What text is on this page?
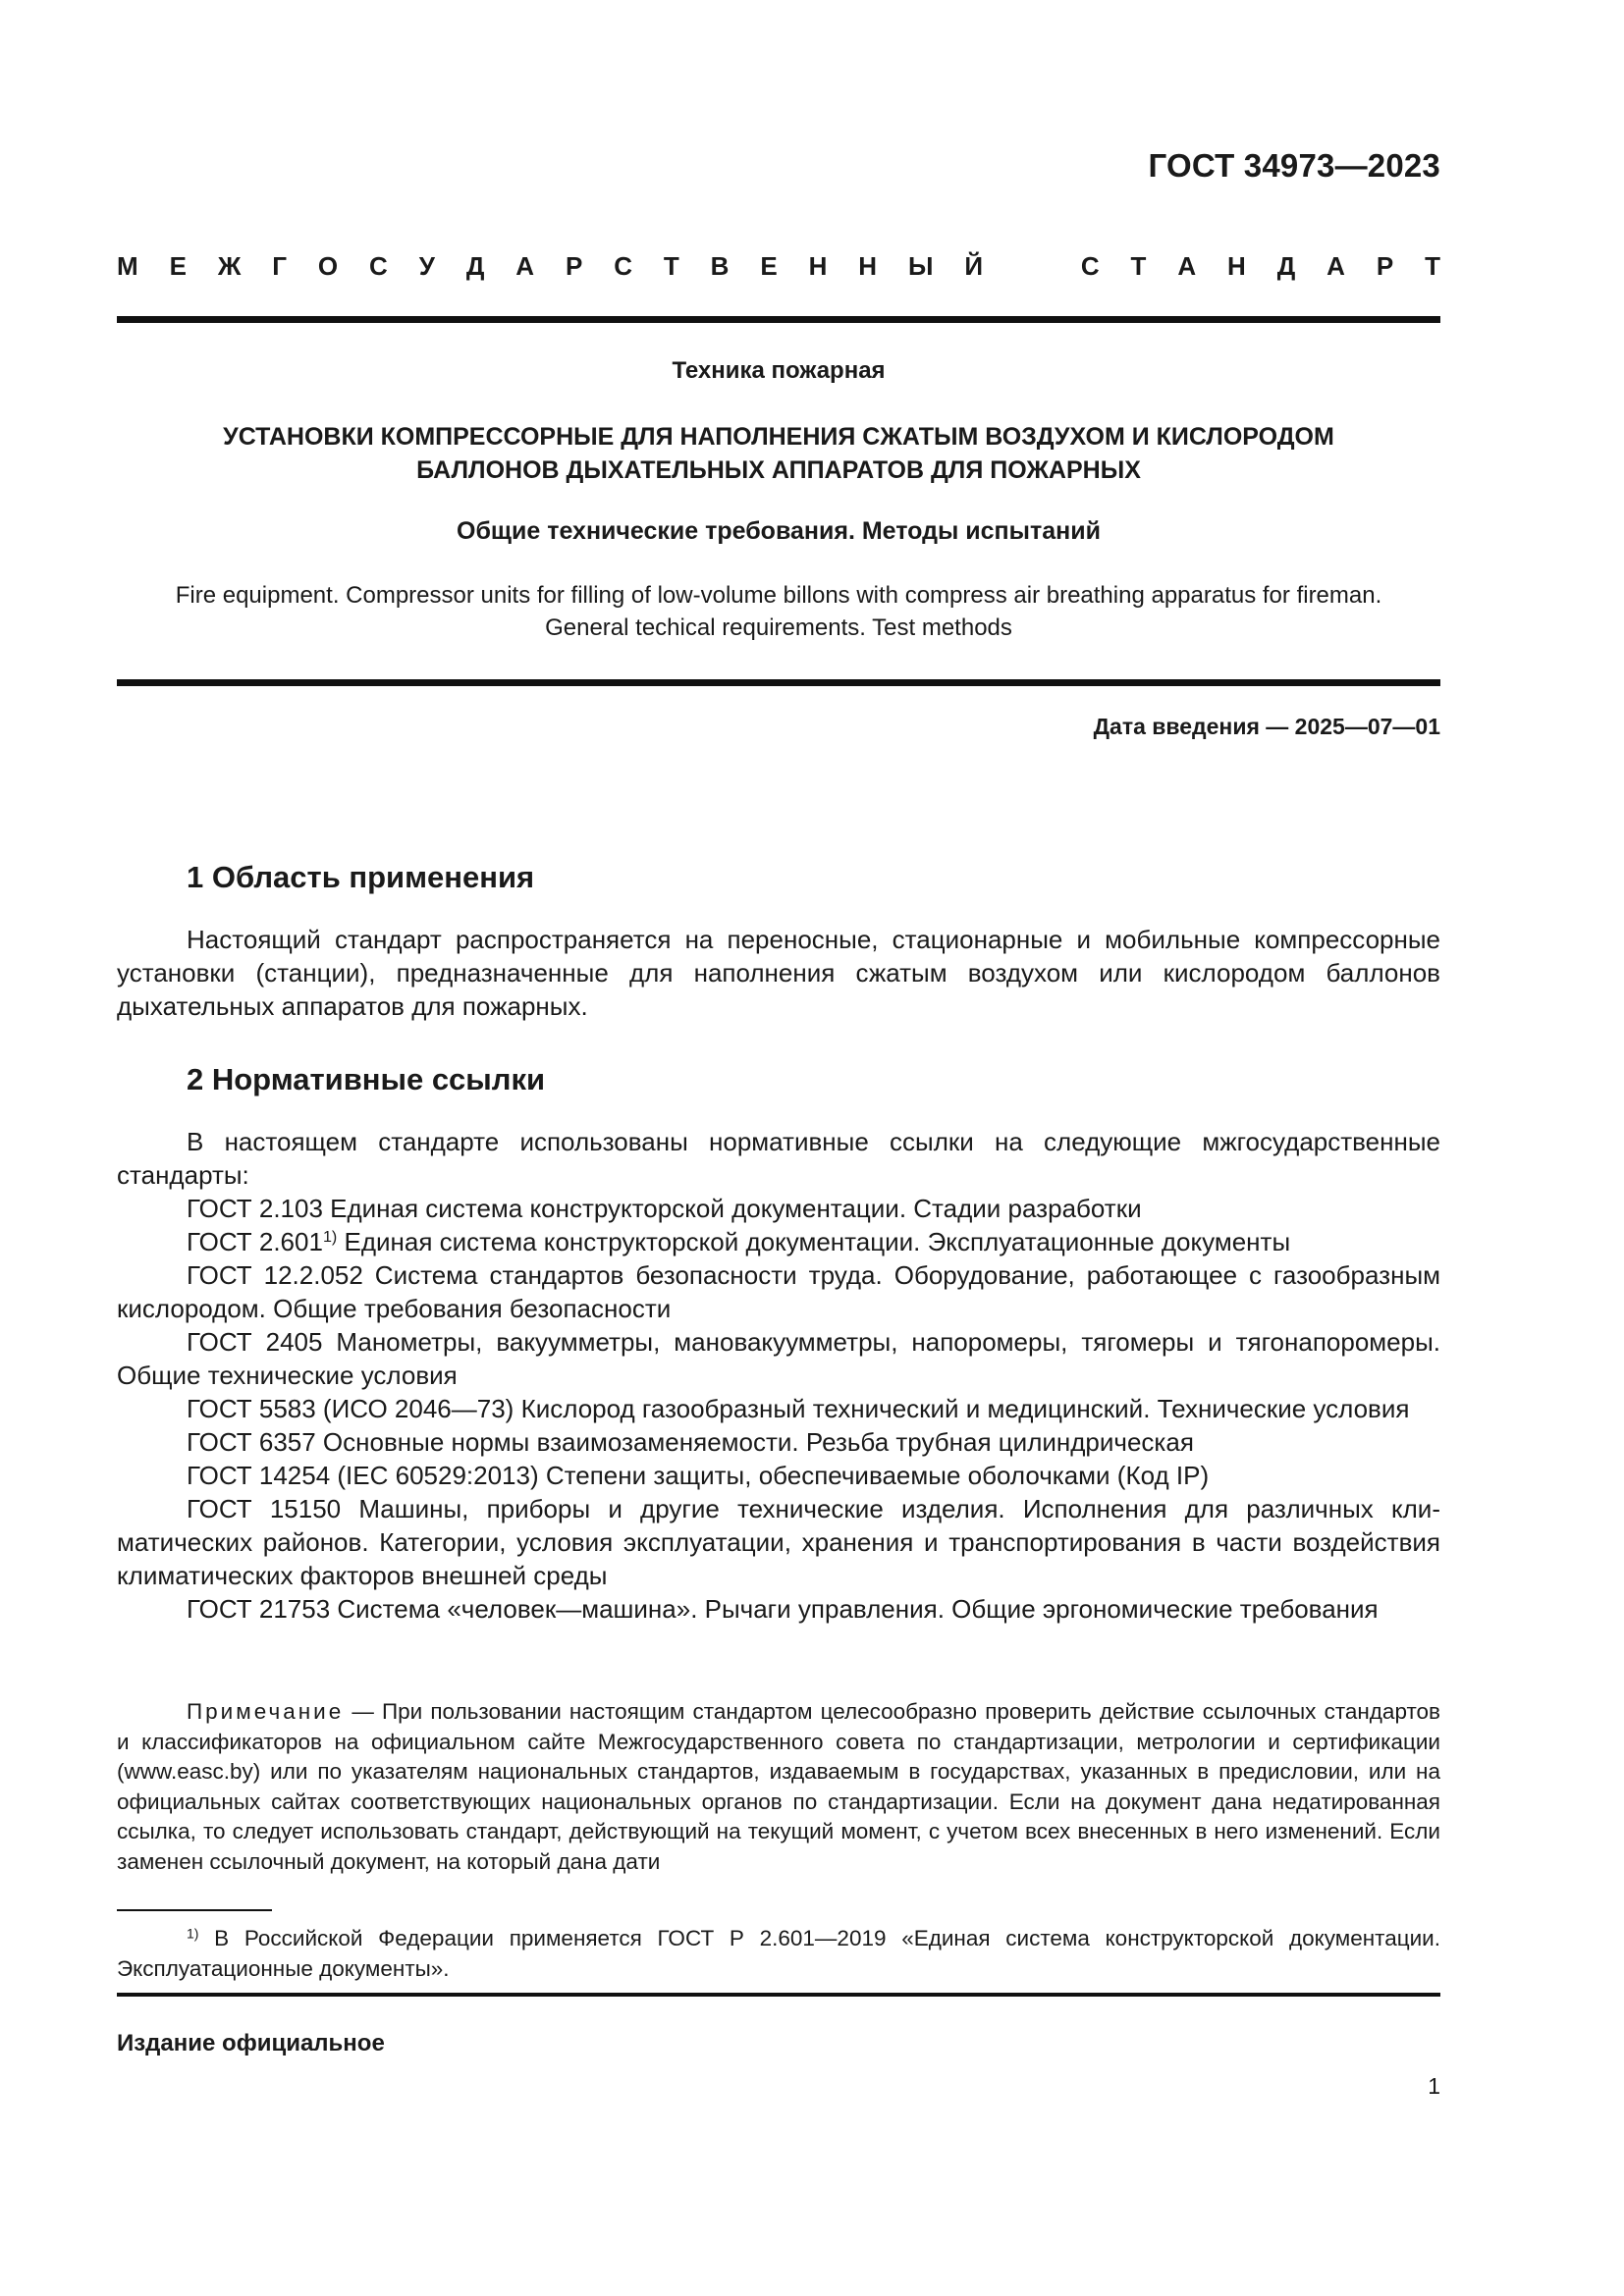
ГОСТ 34973—2023
М Е Ж Г О С У Д А Р С Т В Е Н Н Ы Й	С Т А Н Д А Р Т
Техника пожарная
УСТАНОВКИ КОМПРЕССОРНЫЕ ДЛЯ НАПОЛНЕНИЯ СЖАТЫМ ВОЗДУХОМ И КИСЛОРОДОМ
БАЛЛОНОВ ДЫХАТЕЛЬНЫХ АППАРАТОВ ДЛЯ ПОЖАРНЫХ
Общие технические требования. Методы испытаний
Fire equipment. Compressor units for filling of low-volume billons with compress air breathing apparatus for fireman.
General techical requirements. Test methods
Дата введения — 2025—07—01
1 Область применения

Настоящий стандарт распространяется на переносные, стационарные и мобильные компрессорные установки (станции), предназначенные для наполнения сжатым воздухом или кислородом баллонов дыхательных аппаратов для пожарных.

2 Нормативные ссылки

В настоящем стандарте использованы нормативные ссылки на следующие мжгосударственные стандарты:

ГОСТ 2.103 Единая система конструкторской документации. Стадии разработки

ГОСТ 2.601$^{1)}$ Единая система конструкторской документации. Эксплуатационные документы

ГОСТ 12.2.052 Система стандартов безопасности труда. Оборудование, работающее с газообразным кислородом. Общие требования безопасности

ГОСТ 2405 Манометры, вакуумметры, мановакуумметры, напоромеры, тягомеры и тягонапоромеры. Общие технические условия

ГОСТ 5583 (ИСО 2046—73) Кислород газообразный технический и медицинский. Технические условия

ГОСТ 6357 Основные нормы взаимозаменяемости. Резьба трубная цилиндрическая

ГОСТ 14254 (IEC 60529:2013) Степени защиты, обеспечиваемые оболочками (Код IP)

ГОСТ 15150 Машины, приборы и другие технические изделия. Исполнения для различных климатических районов. Категории, условия эксплуатации, хранения и транспортирования в части воздействия климатических факторов внешней среды

ГОСТ 21753 Система «человек—машина». Рычаги управления. Общие эргономические требования

Примечание — При пользовании настоящим стандартом целесообразно проверить действие ссылочных стандартов и классификаторов на официальном сайте Межгосударственного совета по стандартизации, метрологии и сертификации (www.easc.by) или по указателям национальных стандартов, издаваемым в государствах, указанных в предисловии, или на официальных сайтах соответствующих национальных органов по стандартизации. Если на документ дана недатированная ссылка, то следует использовать стандарт, действующий на текущий момент, с учетом всех внесенных в него изменений. Если заменен ссылочный документ, на который дана дати

$^{1)}$ В Российской Федерации применяется ГОСТ Р 2.601—2019 «Единая система конструкторской документации. Эксплуатационные документы».

Издание официальное
1
